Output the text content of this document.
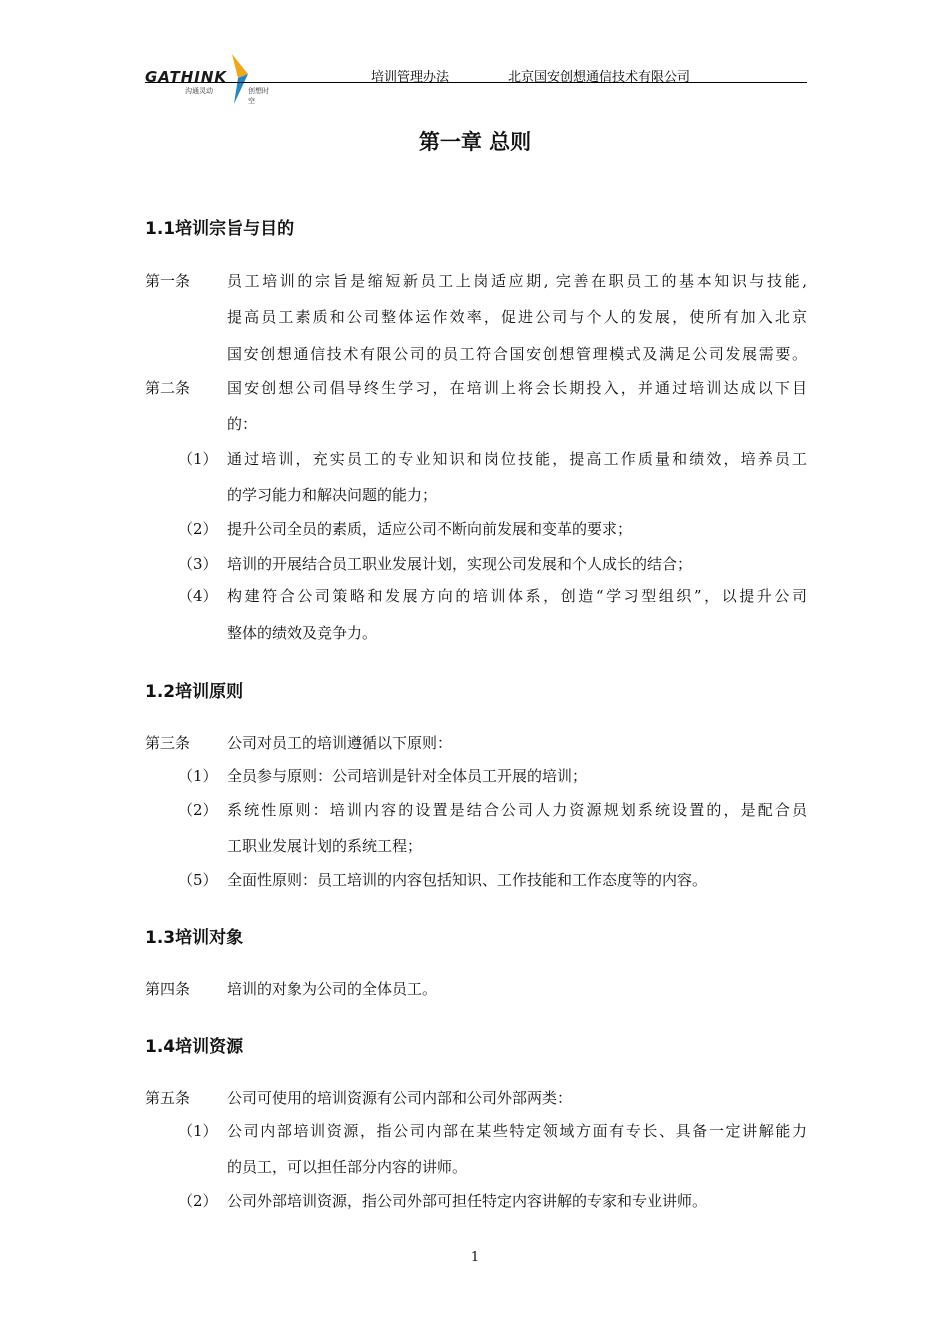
GATHINK
沟通灵动	创想时空
培训管理办法	北京国安创想通信技术有限公司
第一章 总则
1.1培训宗旨与目的
第一条 员工培训的宗旨是缩短新员工上岗适应期, 完善在职员工的基本知识与技能,
提高员工素质和公司整体运作效率，促进公司与个人的发展，使所有加入北京
国安创想通信技术有限公司的员工符合国安创想管理模式及满足公司发展需要。
第二条 国安创想公司倡导终生学习，在培训上将会长期投入，并通过培训达成以下目
的：
（1） 通过培训，充实员工的专业知识和岗位技能，提高工作质量和绩效，培养员工
的学习能力和解决问题的能力；
（2） 提升公司全员的素质，适应公司不断向前发展和变革的要求；
（3） 培训的开展结合员工职业发展计划，实现公司发展和个人成长的结合；
（4） 构建符合公司策略和发展方向的培训体系，创造“学习型组织”，以提升公司
整体的绩效及竞争力。
1.2培训原则
第三条 公司对员工的培训遵循以下原则：
（1） 全员参与原则：公司培训是针对全体员工开展的培训；
（2） 系统性原则：培训内容的设置是结合公司人力资源规划系统设置的，是配合员
工职业发展计划的系统工程；
（5） 全面性原则：员工培训的内容包括知识、工作技能和工作态度等的内容。
1.3培训对象
第四条 培训的对象为公司的全体员工。
1.4培训资源
第五条 公司可使用的培训资源有公司内部和公司外部两类：
（1） 公司内部培训资源，指公司内部在某些特定领域方面有专长、具备一定讲解能力
的员工，可以担任部分内容的讲师。
（2） 公司外部培训资源，指公司外部可担任特定内容讲解的专家和专业讲师。
1
